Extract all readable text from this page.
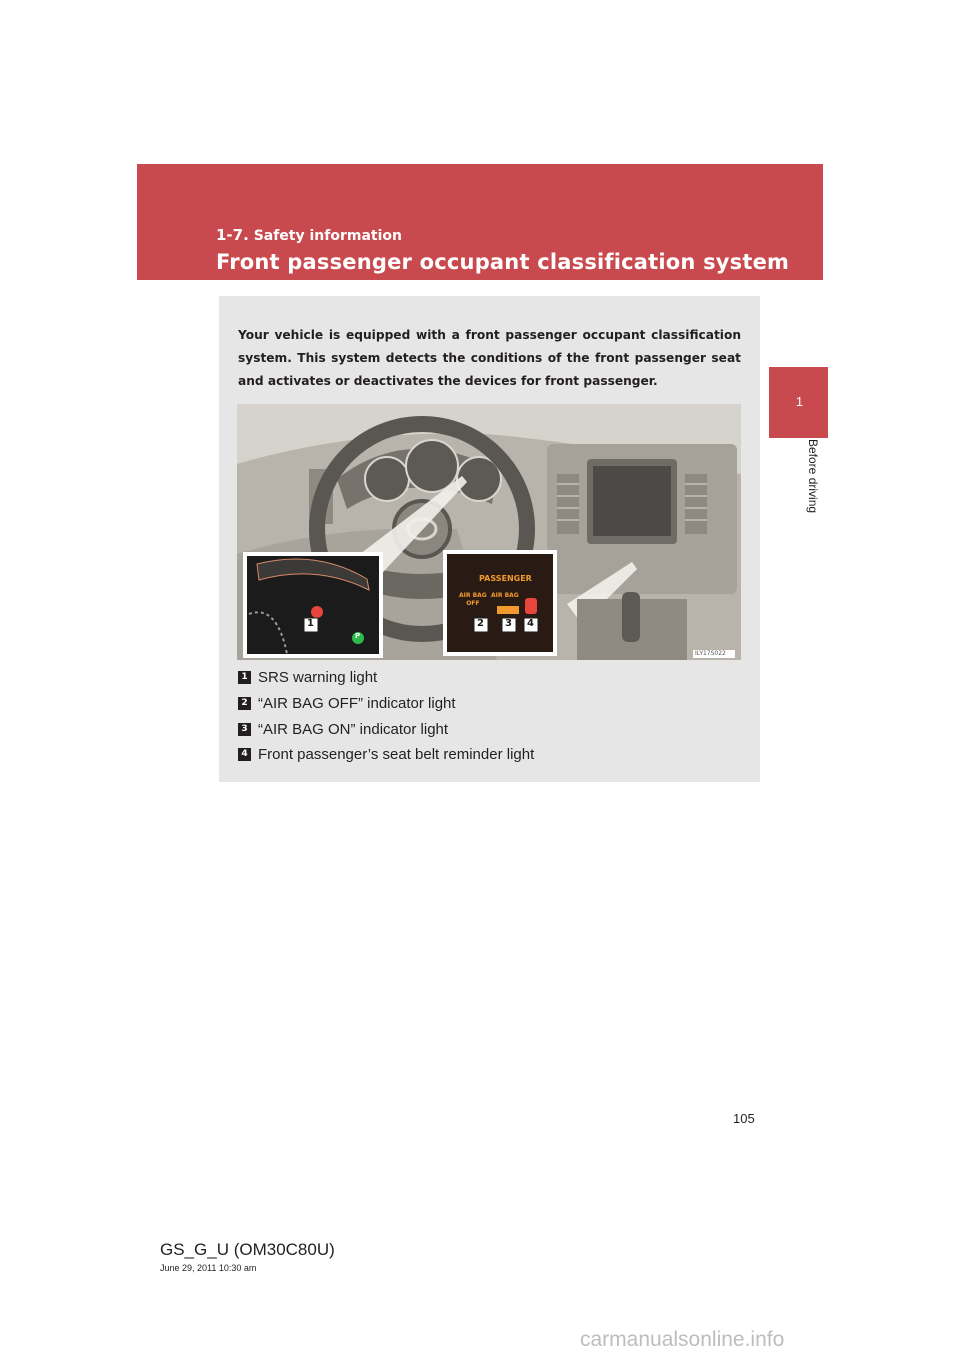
1-7. Safety information
Front passenger occupant classification system
1
Before driving

Your vehicle is equipped with a front passenger occupant classification system. This system detects the conditions of the front passenger seat and activates or deactivates the devices for front passenger.

PASSENGER
AIR BAG
OFF
AIR BAG
ON
P
1	2 3 4
ILY17S022
1 SRS warning light
2 “AIR BAG OFF” indicator light
3 “AIR BAG ON” indicator light
4 Front passenger’s seat belt reminder light
105
GS_G_U (OM30C80U)
June 29, 2011 10:30 am
carmanualsonline.info
